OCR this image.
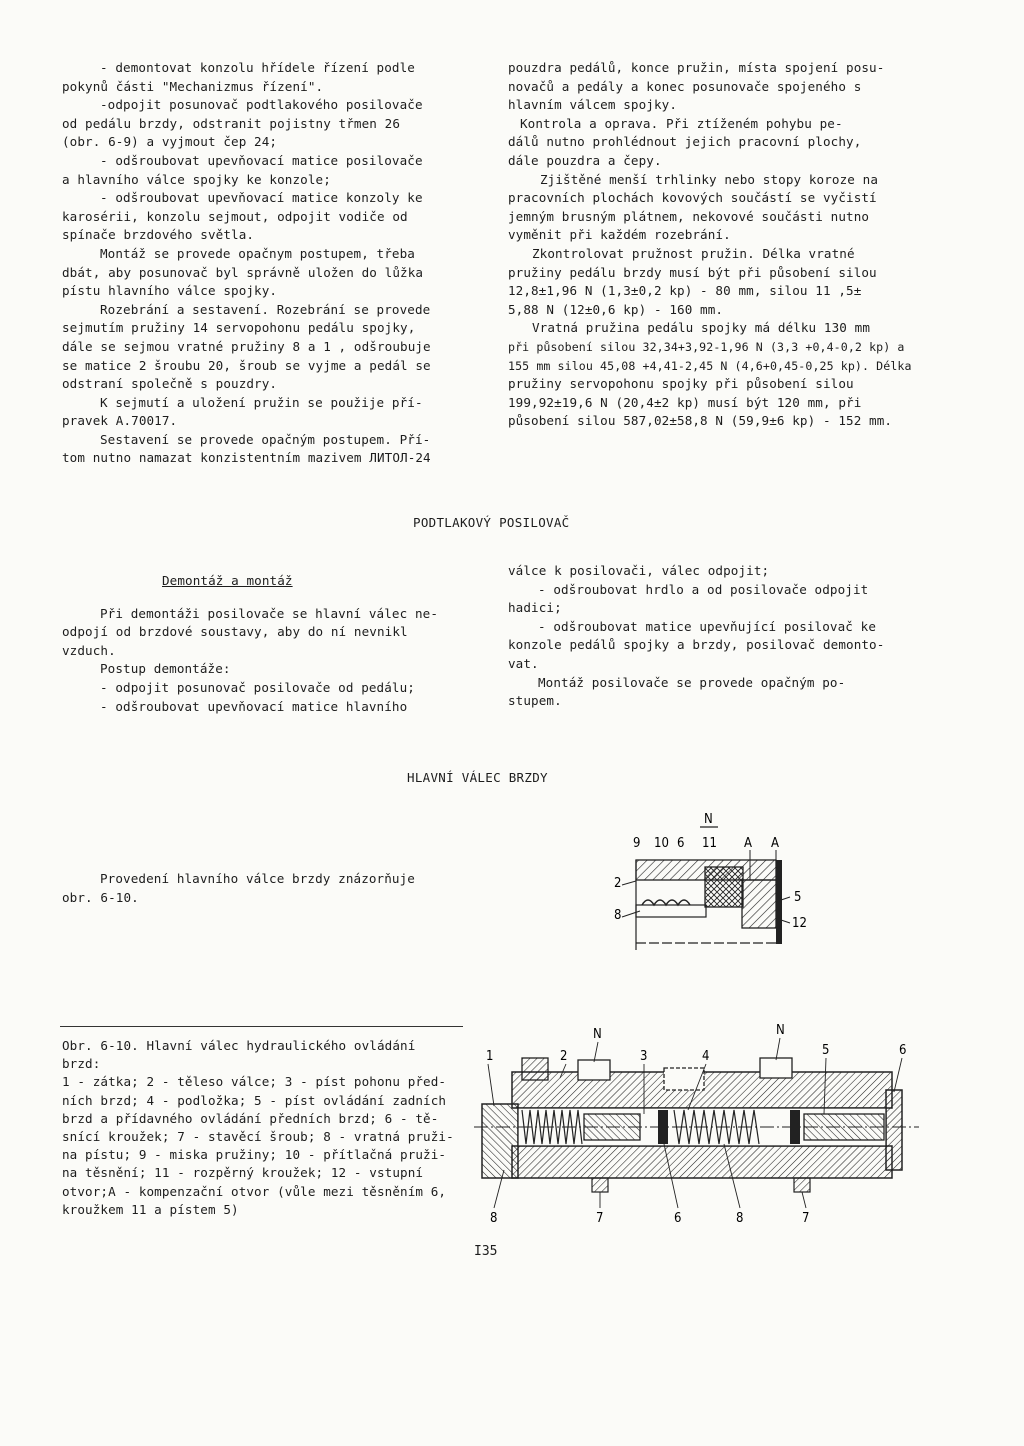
- demontovat konzolu hřídele řízení podle

pokynů části "Mechanizmus řízení".

-odpojit posunovač podtlakového posilovače

od pedálu brzdy, odstranit pojistny třmen 26

(obr. 6-9) a vyjmout čep 24;

- odšroubovat upevňovací matice posilovače

a hlavního válce spojky ke konzole;

- odšroubovat upevňovací matice konzoly ke

karosérii, konzolu sejmout, odpojit vodiče od

spínače brzdového světla.

Montáž se provede opačnym postupem, třeba

dbát, aby posunovač byl správně uložen do lůžka

pístu hlavního válce spojky.

Rozebrání a sestavení. Rozebrání se provede

sejmutím pružiny 14 servopohonu pedálu spojky,

dále se sejmou vratné pružiny 8 a 1 , odšroubuje

se matice 2 šroubu 20, šroub se vyjme a pedál se

odstraní společně s pouzdry.

K sejmutí a uložení pružin se použije pří-

pravek A.70017.

Sestavení se provede opačným postupem. Pří-

tom nutno namazat konzistentním mazivem ЛИТОЛ-24

pouzdra pedálů, konce pružin, místa spojení posu-

novačů a pedály a konec posunovače spojeného s

hlavním válcem spojky.

Kontrola a oprava. Při ztíženém pohybu pe-

dálů nutno prohlédnout jejich pracovní plochy,

dále pouzdra a čepy.

Zjištěné menší trhlinky nebo stopy koroze na

pracovních plochách kovových součástí se vyčistí

jemným brusným plátnem, nekovové součásti nutno

vyměnit při každém rozebrání.

Zkontrolovat pružnost pružin. Délka vratné

pružiny pedálu brzdy musí být při působení silou

12,8±1,96 N (1,3±0,2 kp) - 80 mm, silou 11 ,5±

5,88 N (12±0,6 kp) - 160 mm.

Vratná pružina pedálu spojky má délku 130 mm

při působení silou 32,34+3,92-1,96 N (3,3 +0,4-0,2 kp) a

155 mm silou 45,08 +4,41-2,45 N (4,6+0,45-0,25 kp). Délka

pružiny servopohonu spojky při působení silou

199,92±19,6 N (20,4±2 kp) musí být 120 mm, při

působení silou 587,02±58,8 N (59,9±6 kp) - 152 mm.

PODTLAKOVÝ POSILOVAČ

Demontáž a montáž

Při demontáži posilovače se hlavní válec ne-

odpojí od brzdové soustavy, aby do ní nevnikl

vzduch.

Postup demontáže:

- odpojit posunovač posilovače od pedálu;

- odšroubovat upevňovací matice hlavního

válce k posilovači, válec odpojit;

- odšroubovat hrdlo a od posilovače odpojit

hadici;

- odšroubovat matice upevňující posilovač ke

konzole pedálů spojky a brzdy, posilovač demonto-

vat.

Montáž posilovače se provede opačným po-

stupem.

HLAVNÍ VÁLEC BRZDY

Provedení hlavního válce brzdy znázorňuje

obr. 6-10.

N
9 10 6 11 A A
2
8
5
12

Obr. 6-10. Hlavní válec hydraulického ovládání

brzd:

1 - zátka; 2 - těleso válce; 3 - píst pohonu před-

ních brzd; 4 - podložka; 5 - píst ovládání zadních

brzd a přídavného ovládání předních brzd; 6 - tě-

snící kroužek; 7 - stavěcí šroub; 8 - vratná pruži-

na pístu; 9 - miska pružiny; 10 - přítlačná pruži-

na těsnění; 11 - rozpěrný kroužek; 12 - vstupní

otvor;A - kompenzační otvor (vůle mezi těsněním 6,

kroužkem 11 a pístem 5)

1	2
N
3	4
N
5	6
8	7	6	8	7
I35
